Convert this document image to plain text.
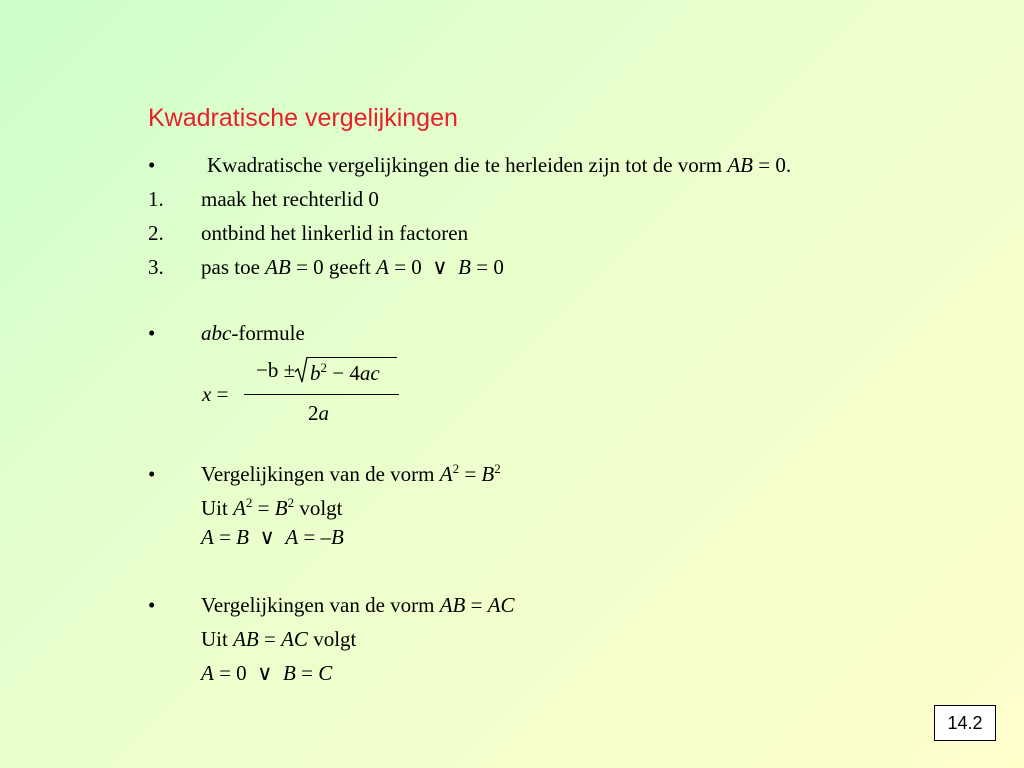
Kwadratische vergelijkingen
• Kwadratische vergelijkingen die te herleiden zijn tot de vorm AB = 0.
1. maak het rechterlid 0
2. ontbind het linkerlid in factoren
3. pas toe AB = 0 geeft A = 0 ∨ B = 0
• abc-formule
x =
$-b \pm b^2 - 4ac$
2a
• Vergelijkingen van de vorm $A^2 = B^2$
Uit $A^2 = B^2$ volgt
A = B ∨ A = –B
• Vergelijkingen van de vorm AB = AC
Uit AB = AC volgt
A = 0 ∨ B = C
14.2
